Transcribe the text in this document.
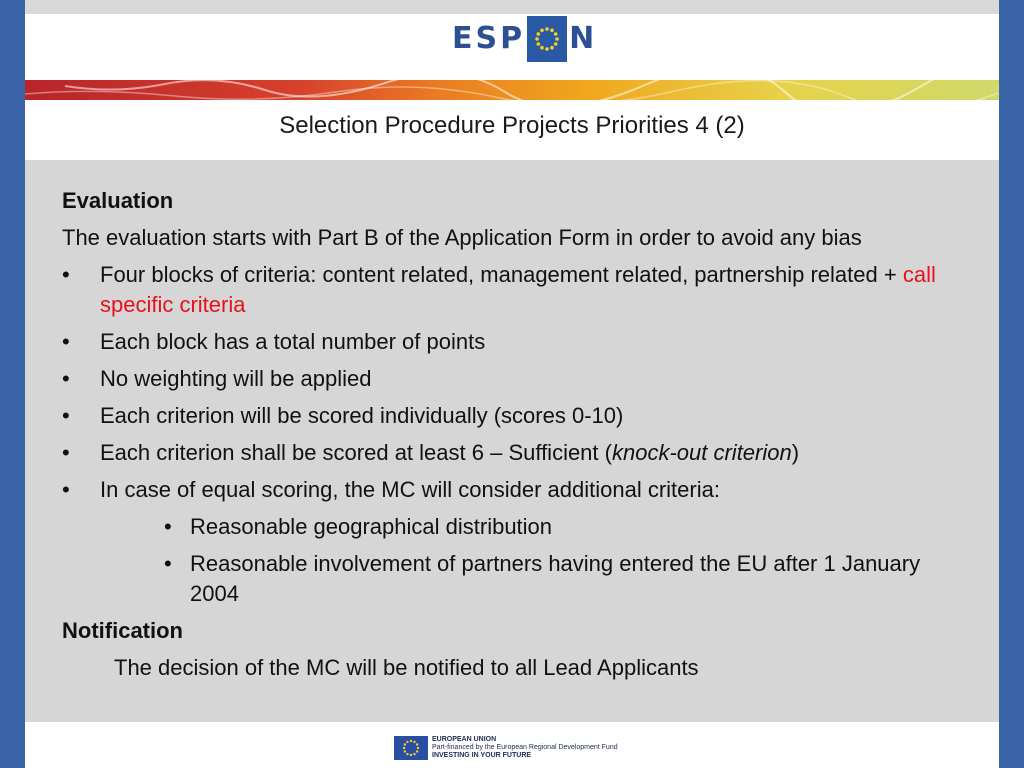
ESP N
Selection Procedure Projects Priorities 4 (2)
Evaluation
The evaluation starts with Part B of the Application Form in order to avoid any bias
•	Four blocks of criteria: content related, management related, partnership related + call specific criteria
•	Each block has a total number of points
•	No weighting will be applied
•	Each criterion will be scored individually (scores 0-10)
•	Each criterion shall be scored at least 6 – Sufficient (knock-out criterion)
•	In case of equal scoring, the MC will consider additional criteria:
• Reasonable geographical distribution
• Reasonable involvement of partners having entered the EU after 1 January 2004
Notification
The decision of the MC will be notified to all Lead Applicants
EUROPEAN UNION
Part-financed by the European Regional Development Fund
INVESTING IN YOUR FUTURE
